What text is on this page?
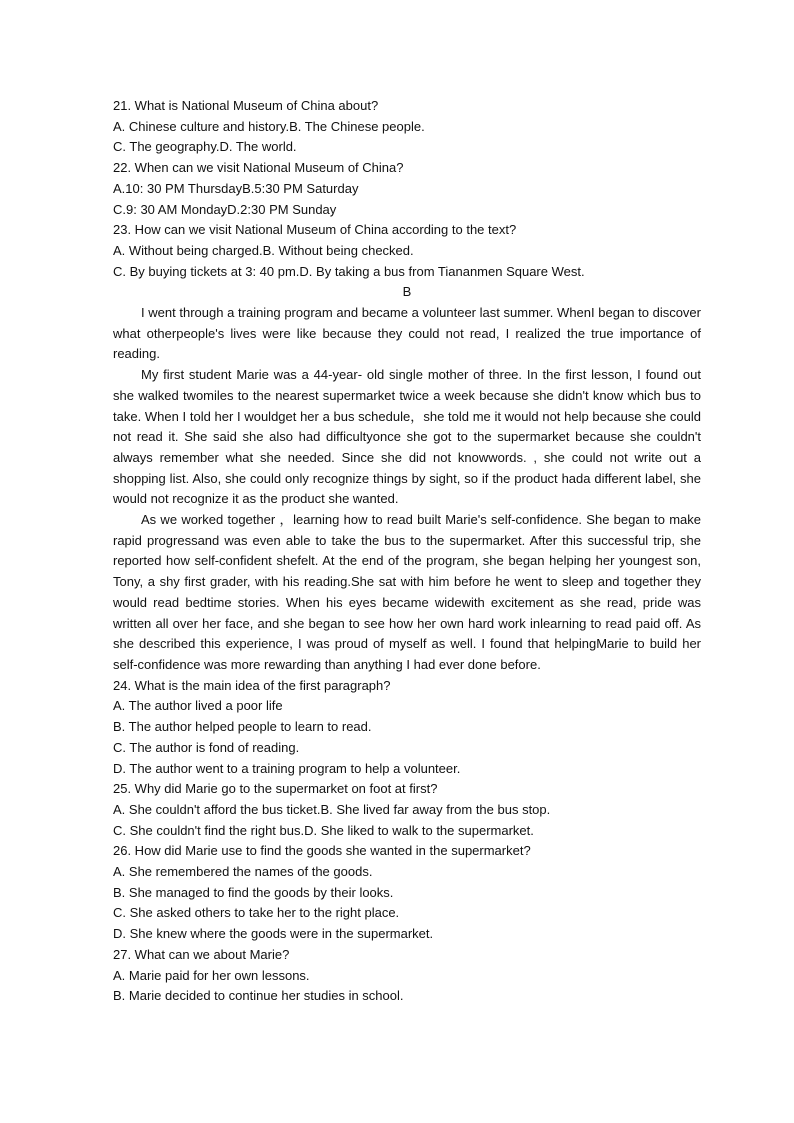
21. What is National Museum of China about?
A. Chinese culture and history.B. The Chinese people.
C. The geography.D. The world.
22. When can we visit National Museum of China?
A.10: 30 PM ThursdayB.5:30 PM Saturday
C.9: 30 AM MondayD.2:30 PM Sunday
23. How can we visit National Museum of China according to the text?
A. Without being charged.B. Without being checked.
C. By buying tickets at 3: 40 pm.D. By taking a bus from Tiananmen Square West.
B
I went through a training program and became a volunteer last summer. WhenI began to discover what otherpeople's lives were like because they could not read, I realized the true importance of reading.
My first student Marie was a 44-year- old single mother of three. In the first lesson, I found out she walked twomiles to the nearest supermarket twice a week because she didn't know which bus to take. When I told her I wouldget her a bus schedule，she told me it would not help because she could not read it. She said she also had difficultyonce she got to the supermarket because she couldn't always remember what she needed. Since she did not knowwords. , she could not write out a shopping list. Also, she could only recognize things by sight, so if the product hada different label, she would not recognize it as the product she wanted.
As we worked together ，learning how to read built Marie's self-confidence. She began to make rapid progressand was even able to take the bus to the supermarket. After this successful trip, she reported how self-confident shefelt. At the end of the program, she began helping her youngest son, Tony, a shy first grader, with his reading.She sat with him before he went to sleep and together they would read bedtime stories. When his eyes became widewith excitement as she read, pride was written all over her face, and she began to see how her own hard work inlearning to read paid off. As she described this experience, I was proud of myself as well. I found that helpingMarie to build her self-confidence was more rewarding than anything I had ever done before.
24. What is the main idea of the first paragraph?
A. The author lived a poor life
B. The author helped people to learn to read.
C. The author is fond of reading.
D. The author went to a training program to help a volunteer.
25. Why did Marie go to the supermarket on foot at first?
A. She couldn't afford the bus ticket.B. She lived far away from the bus stop.
C. She couldn't find the right bus.D. She liked to walk to the supermarket.
26. How did Marie use to find the goods she wanted in the supermarket?
A. She remembered the names of the goods.
B. She managed to find the goods by their looks.
C. She asked others to take her to the right place.
D. She knew where the goods were in the supermarket.
27. What can we about Marie?
A. Marie paid for her own lessons.
B. Marie decided to continue her studies in school.
